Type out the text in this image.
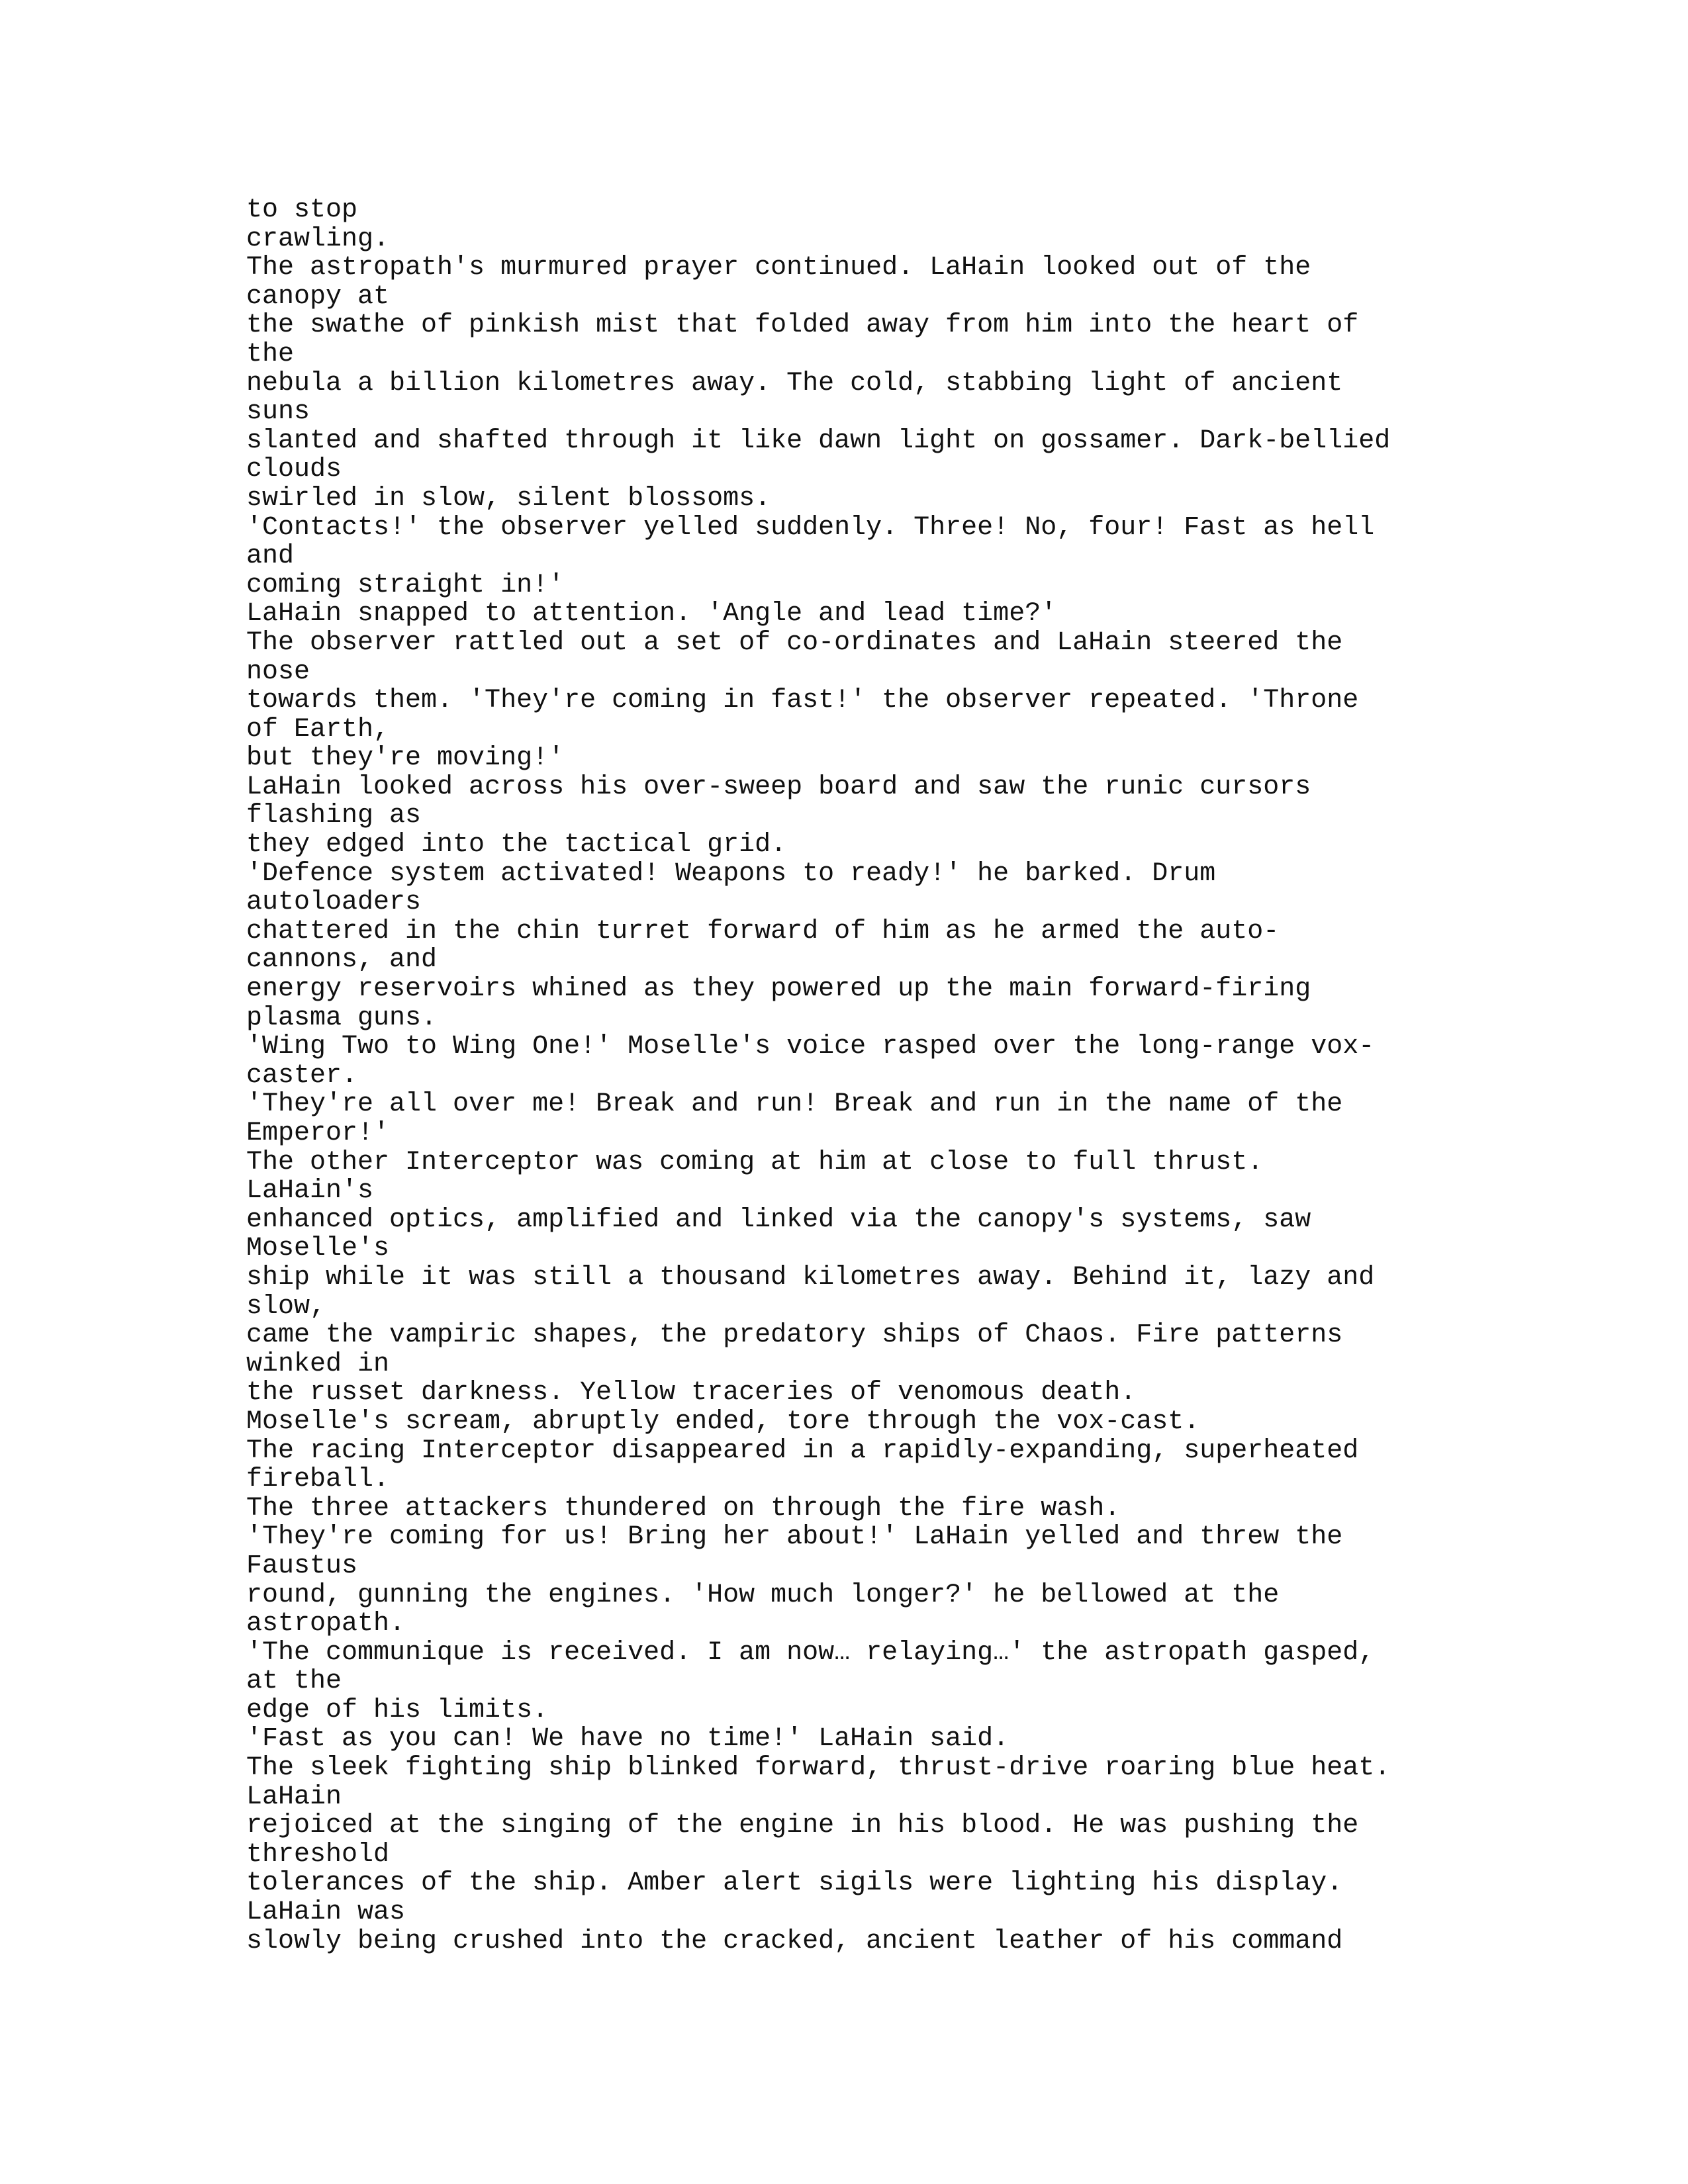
to stop
crawling.
The astropath's murmured prayer continued. LaHain looked out of the
canopy at
the swathe of pinkish mist that folded away from him into the heart of
the
nebula a billion kilometres away. The cold, stabbing light of ancient
suns
slanted and shafted through it like dawn light on gossamer. Dark-bellied
clouds
swirled in slow, silent blossoms.
'Contacts!' the observer yelled suddenly. Three! No, four! Fast as hell
and
coming straight in!'
LaHain snapped to attention. 'Angle and lead time?'
The observer rattled out a set of co-ordinates and LaHain steered the
nose
towards them. 'They're coming in fast!' the observer repeated. 'Throne
of Earth,
but they're moving!'
LaHain looked across his over-sweep board and saw the runic cursors
flashing as
they edged into the tactical grid.
'Defence system activated! Weapons to ready!' he barked. Drum
autoloaders
chattered in the chin turret forward of him as he armed the auto-
cannons, and
energy reservoirs whined as they powered up the main forward-firing
plasma guns.
'Wing Two to Wing One!' Moselle's voice rasped over the long-range vox-
caster.
'They're all over me! Break and run! Break and run in the name of the
Emperor!'
The other Interceptor was coming at him at close to full thrust.
LaHain's
enhanced optics, amplified and linked via the canopy's systems, saw
Moselle's
ship while it was still a thousand kilometres away. Behind it, lazy and
slow,
came the vampiric shapes, the predatory ships of Chaos. Fire patterns
winked in
the russet darkness. Yellow traceries of venomous death.
Moselle's scream, abruptly ended, tore through the vox-cast.
The racing Interceptor disappeared in a rapidly-expanding, superheated
fireball.
The three attackers thundered on through the fire wash.
'They're coming for us! Bring her about!' LaHain yelled and threw the
Faustus
round, gunning the engines. 'How much longer?' he bellowed at the
astropath.
'The communique is received. I am now… relaying…' the astropath gasped,
at the
edge of his limits.
'Fast as you can! We have no time!' LaHain said.
The sleek fighting ship blinked forward, thrust-drive roaring blue heat.
LaHain
rejoiced at the singing of the engine in his blood. He was pushing the
threshold
tolerances of the ship. Amber alert sigils were lighting his display.
LaHain was
slowly being crushed into the cracked, ancient leather of his command
